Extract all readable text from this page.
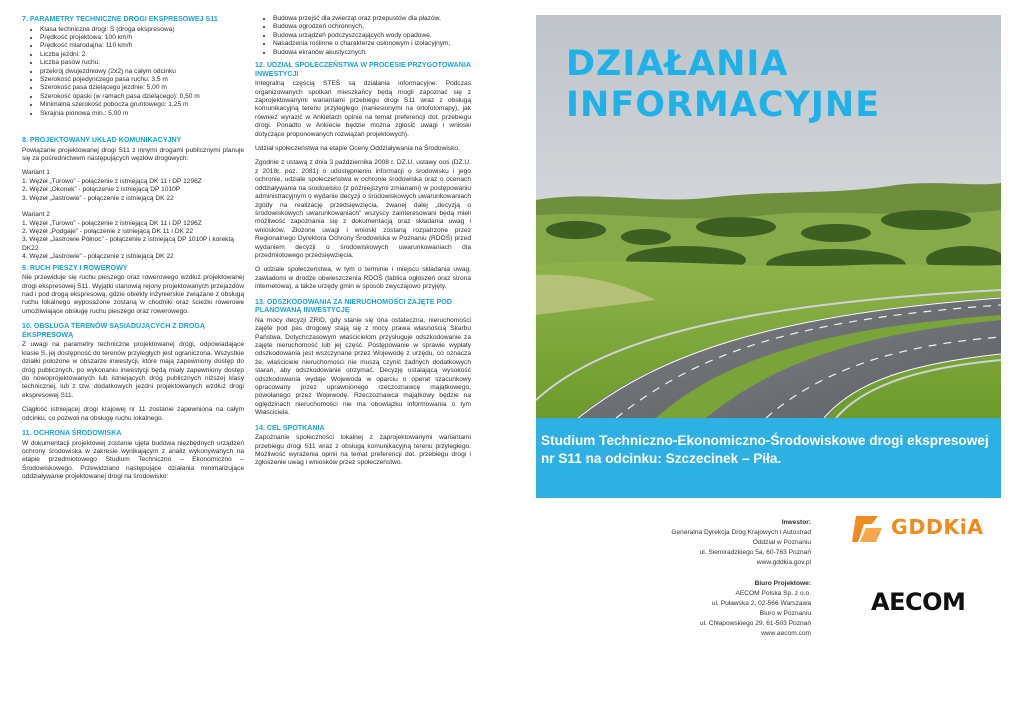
7. PARAMETRY TECHNICZNE DROGI EKSPRESOWEJ S11
• Klasa techniczna drogi: S (droga ekspresowa)
• Prędkość projektowa: 100 km/h
• Prędkość miarodajna: 110 km/h
• Liczba jezdni: 2
• Liczba pasów ruchu:
• przekrój dwujezdniowy (2x2) na całym odcinku
• Szerokość pojedynczego pasa ruchu: 3,5 m
• Szerokość pasa dzielącego jezdnie: 5,00 m
• Szerokość opaski (w ramach pasa dzielącego): 0,50 m
• Minimalna szerokość pobocza gruntowego: 1,25 m
• Skrajnia pionowa min.: 5,00 m
8. PROJEKTOWANY UKŁAD KOMUNIKACYJNY

Powiązanie projektowanej drogi S11 z innymi drogami publicznymi planuje się za pośrednictwem następujących węzłów drogowych:

Wariant 1
1. Węzeł „Turowo” - połączenie z istniejącą DK 11 i DP 1296Z
2. Węzeł „Okonek” - połączenie z istniejącą DP 1010P
3. Węzeł „Jastrowie” - połączenie z istniejącą DK 22
Wariant 2
1. Węzeł „Turowo” - połączenie z istniejącą DK 11 i DP 1296Z
2. Węzeł „Podgaje” - połączenie z istniejącą DK 11 i DK 22
3. Węzeł „Jastrowie Północ” - połączenie z istniejącą DP 1010P i korektą DK22
4. Węzeł „Jastrowie” - połączenie z istniejącą DK 22
9. RUCH PIESZY I ROWEROWY

Nie przewiduje się ruchu pieszego oraz rowerowego wzdłuż projektowanej drogi ekspresowej S11. Wyjątki stanowią rejony projektowanych przejazdów nad i pod drogą ekspresową, gdzie obiekty inżynierskie związane z obsługą ruchu lokalnego wyposażone zostaną w chodniki oraz ścieżki rowerowe umożliwiające obsługę ruchu pieszego oraz rowerowego.

10. OBSŁUGA TERENÓW SĄSIADUJĄCYCH Z DROGĄ EKSPRESOWĄ

Z uwagi na parametry techniczne projektowanej drogi, odpowiadające klasie S, jej dostępność do terenów przyległych jest ograniczona. Wszystkie działki położone w obszarze inwestycji, które mają zapewniony dostęp do dróg publicznych, po wykonaniu inwestycji będą miały zapewniony dostęp do nowoprojektowanych lub istniejących dróg publicznych niższej klasy technicznej, lub z tzw. dodatkowych jezdni projektowanych wzdłuż drogi ekspresowej S11.

Ciągłość istniejącej drogi krajowej nr 11 zostanie zapewniona na całym odcinku, co pozwoli na obsługę ruchu lokalnego.

11. OCHRONA ŚRODOWISKA

W dokumentacji projektowej zostanie ujęta budowa niezbędnych urządzeń ochrony środowiska w zakresie wynikającym z analiz wykonywanych na etapie przedmiotowego Studium Techniczno – Ekonomiczno – Środowiskowego. Przewidziano następujące działania minimalizujące oddziaływanie projektowanej drogi na środowisko:

• Budowa przejść dla zwierząt oraz przepustów dla płazów,
• Budowa ogrodzeń ochronnych,
• Budowa urządzeń podczyszczających wody opadowe,
• Nasadzenia roślinne o charakterze osłonowym i izolacyjnym,
• Budowa ekranów akustycznych.
12. UDZIAŁ SPOŁECZEŃSTWA W PROCESIE PRZYGOTOWANIA INWESTYCJI

Integralną częścią STEŚ są działania informacyjne. Podczas organizowanych spotkań mieszkańcy będą mogli zapoznać się z zaprojektowanymi wariantami przebiegu drogi S11 wraz z obsługą komunikacyjną terenu przyległego (naniesionymi na ortofotomapy), jak również wyrazić w Ankietach opinie na temat preferencji dot. przebiegu drogi. Ponadto w Ankiecie będzie można zgłosić uwagi i wnioski dotyczące proponowanych rozwiązań projektowych).

Udział społeczeństwa na etapie Oceny Oddziaływania na Środowisko.

Zgodnie z ustawą z dnia 3 października 2008 r. DZ.U. ustawy ooś (DZ.U. z 2018r. poz. 2081) o udostępnieniu informacji o środowisku i jego ochronie, udziale społeczeństwa w ochronie środowiska oraz o ocenach oddziaływania na środowisko (z późniejszymi zmianami) w postępowaniu administracyjnym o wydanie decyzji o środowiskowych uwarunkowaniach zgody na realizację przedsięwzięcia, zwanej dalej „decyzją o środowiskowych uwarunkowaniach” wszyscy zainteresowani będą mieli możliwość zapoznania się z dokumentacją oraz składania uwag i wniosków. Złożone uwagi i wnioski zostaną rozpatrzone przez Regionalnego Dyrektora Ochrony Środowiska w Poznaniu (RDOŚ) przed wydaniem decyzji o środowiskowych uwarunkowaniach dla przedmiotowego przedsięwzięcia.

O udziale społeczeństwa, w tym o terminie i miejscu składania uwag, zawiadomi w drodze obwieszczenia RDOŚ (tablica ogłoszeń oraz strona internetowa), a także urzędy gmin w sposób zwyczajowo przyjęty.

13. ODSZKODOWANIA ZA NIERUCHOMOŚCI ZAJĘTE POD PLANOWANĄ INWESTYCJĘ

Na mocy decyzji ZRID, gdy stanie się ona ostateczna, nieruchomości zajęte pod pas drogowy stają się z mocy prawa własnością Skarbu Państwa. Dotychczasowym właścicielom przysługuje odszkodowanie za zajęte nieruchomość lub jej część. Postępowanie w sprawie wypłaty odszkodowania jest wszczynane przez Wojewodę z urzędu, co oznacza że, właściciele nieruchomości nie muszą czynić żadnych dodatkowych starań, aby odszkodowanie otrzymać. Decyzję ustalającą wysokość odszkodowania wydaje Wojewoda w oparciu o operat szacunkowy opracowany przez uprawnionego rzeczoznawcę majątkowego, powołanego przez Wojewodę. Rzeczoznawca majątkowy będzie na oględzinach nieruchomości nie ma obowiązku informowania o tym Właściciela.

14. CEL SPOTKANIA

Zapoznanie społeczności lokalnej z zaprojektowanymi wariantami przebiegu drogi S11 wraz z obsługą komunikacyjną terenu przyległego. Możliwość wyrażenia opinii na temat preferencji dot. przebiegu drogi i zgłoszenie uwag i wniosków przez społeczeństwo.

DZIAŁANIA
INFORMACYJNE
Studium Techniczno-Ekonomiczno-Środowiskowe drogi ekspresowej nr S11 na odcinku: Szczecinek – Piła.
Inwestor:
Generalna Dyrekcja Dróg Krajowych i Autostrad
Oddział w Poznaniu
ul. Siemiradzkiego 5a, 60-763 Poznań
www.gddkia.gov.pl
GDDKiA
Biuro Projektowe:
AECOM Polska Sp. z o.o.
ul. Puławska 2, 02-566 Warszawa
Biuro w Poznaniu
ul. Chłapowskiego 29, 61-503 Poznań
www.aecom.com
AECOM
